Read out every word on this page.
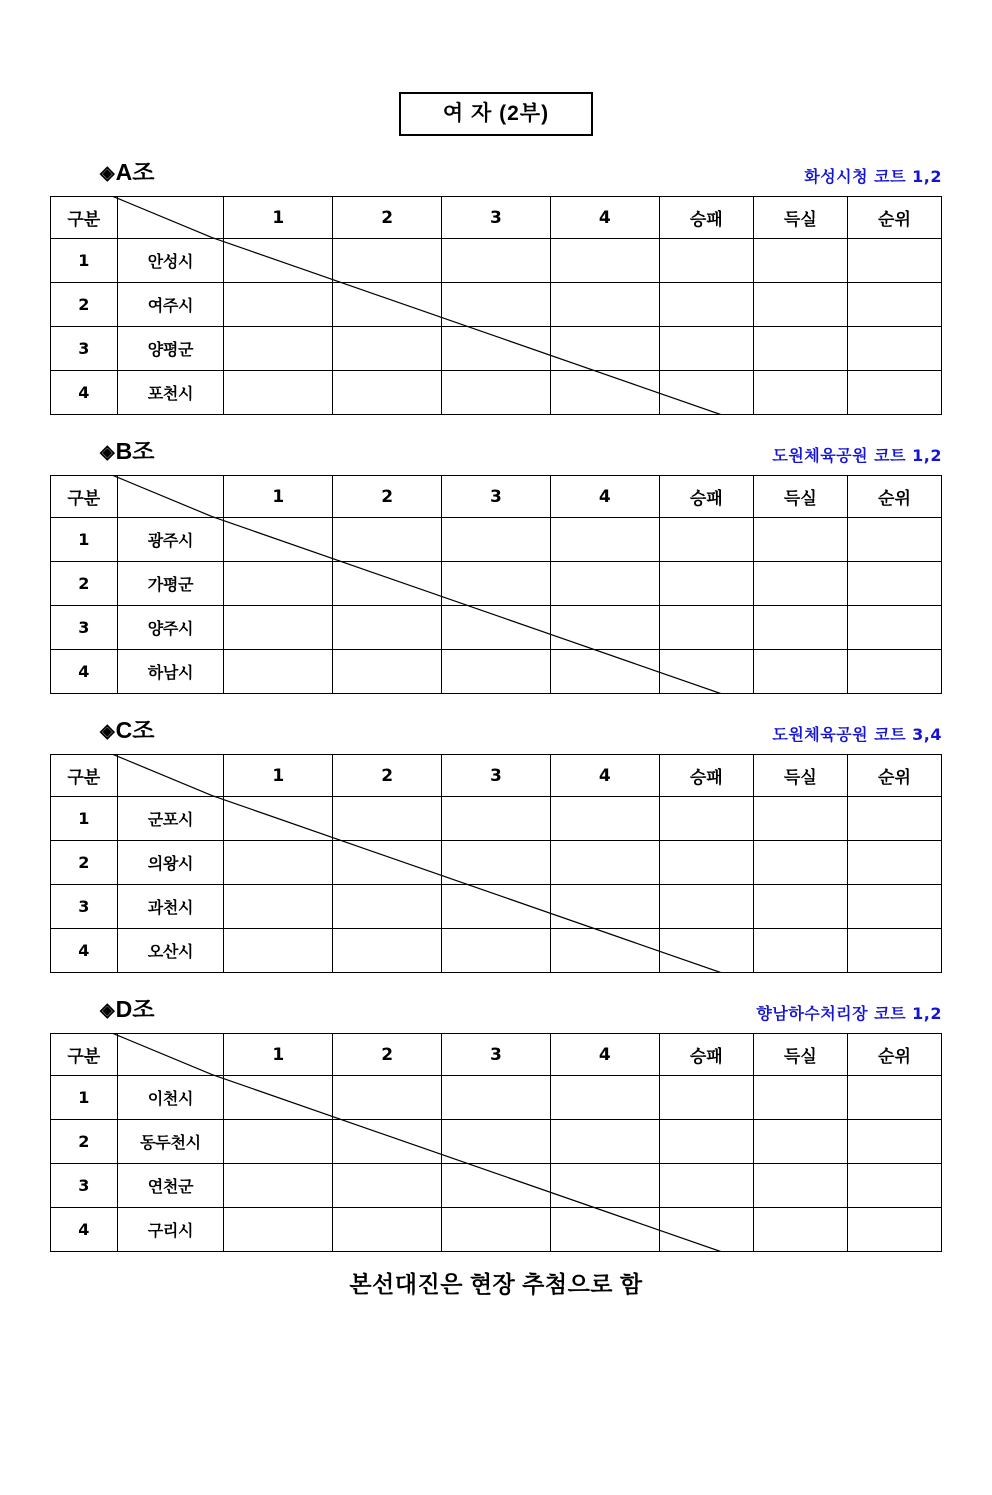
여 자 (2부)
◈A조	화성시청 코트 1,2
구분		1	2	3	4	승패	득실	순위
1	안성시							
2	여주시							
3	양평군							
4	포천시							
◈B조	도원체육공원 코트 1,2
구분		1	2	3	4	승패	득실	순위
1	광주시							
2	가평군							
3	양주시							
4	하남시							
◈C조	도원체육공원 코트 3,4
구분		1	2	3	4	승패	득실	순위
1	군포시							
2	의왕시							
3	과천시							
4	오산시							
◈D조	향남하수처리장 코트 1,2
구분		1	2	3	4	승패	득실	순위
1	이천시							
2	동두천시							
3	연천군							
4	구리시							
본선대진은 현장 추첨으로 함
